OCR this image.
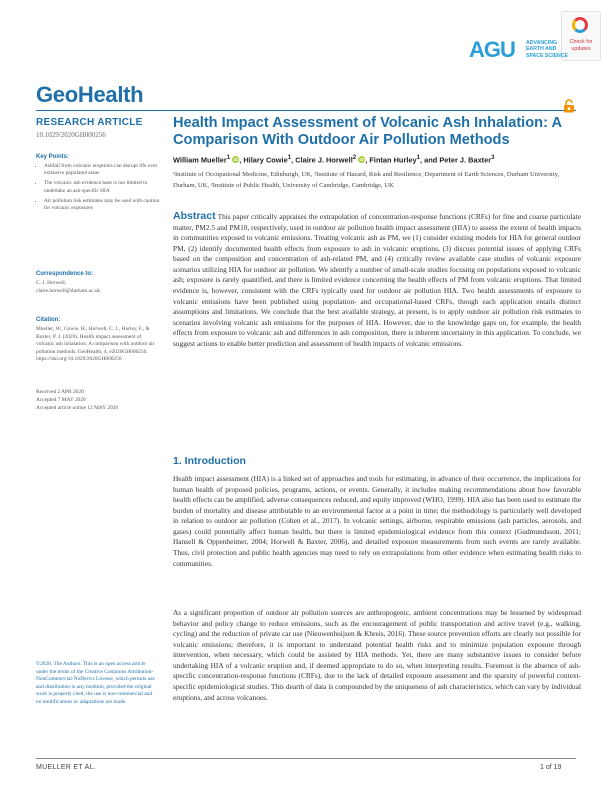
Check for updates
AGU ADVANCING EARTH AND SPACE SCIENCE
GeoHealth
RESEARCH ARTICLE
10.1029/2020GH000256
Key Points:
• Ashfall from volcanic eruptions can disrupt life over extensive populated areas
• The volcanic ash evidence base is too limited to undertake an ash-specific HIA
• Air pollution risk estimates may be used with caution for volcanic exposures
Correspondence to:
C. J. Horwell,
claire.horwell@durham.ac.uk
Citation:
Mueller, W., Cowie, H., Horwell, C. J., Hurley, F., & Baxter, P. J. (2020). Health impact assessment of volcanic ash inhalation: A comparison with outdoor air pollution methods. GeoHealth, 4, e2020GH000256. https://doi.org/10.1029/2020GH000256
Received 2 APR 2020
Accepted 7 MAY 2020
Accepted article online 12 MAY 2020
©2020. The Authors. This is an open access article under the terms of the Creative Commons Attribution-NonCommercial-NoDerivs License, which permits use and distribution in any medium, provided the original work is properly cited, the use is non-commercial and no modifications or adaptations are made.
Health Impact Assessment of Volcanic Ash Inhalation: A Comparison With Outdoor Air Pollution Methods
William Mueller$^1$ iD, Hilary Cowie$^1$, Claire J. Horwell$^2$ iD, Fintan Hurley$^1$, and Peter J. Baxter$^3$
¹Institute of Occupational Medicine, Edinburgh, UK, ²Institute of Hazard, Risk and Resilience, Department of Earth Sciences, Durham University, Durham, UK, ³Institute of Public Health, University of Cambridge, Cambridge, UK
Abstract This paper critically appraises the extrapolation of concentration-response functions (CRFs) for fine and coarse particulate matter, PM2.5 and PM10, respectively, used in outdoor air pollution health impact assessment (HIA) to assess the extent of health impacts in communities exposed to volcanic emissions. Treating volcanic ash as PM, we (1) consider existing models for HIA for general outdoor PM, (2) identify documented health effects from exposure to ash in volcanic eruptions, (3) discuss potential issues of applying CRFs based on the composition and concentration of ash-related PM, and (4) critically review available case studies of volcanic exposure scenarios utilizing HIA for outdoor air pollution. We identify a number of small-scale studies focusing on populations exposed to volcanic ash; exposure is rarely quantified, and there is limited evidence concerning the health effects of PM from volcanic eruptions. That limited evidence is, however, consistent with the CRFs typically used for outdoor air pollution HIA. Two health assessments of exposure to volcanic emissions have been published using population- and occupational-based CRFs, though each application entails distinct assumptions and limitations. We conclude that the best available strategy, at present, is to apply outdoor air pollution risk estimates to scenarios involving volcanic ash emissions for the purposes of HIA. However, due to the knowledge gaps on, for example, the health effects from exposure to volcanic ash and differences in ash composition, there is inherent uncertainty in this application. To conclude, we suggest actions to enable better prediction and assessment of health impacts of volcanic emissions.
1. Introduction
Health impact assessment (HIA) is a linked set of approaches and tools for estimating, in advance of their occurrence, the implications for human health of proposed policies, programs, actions, or events. Generally, it includes making recommendations about how favorable health effects can be amplified, adverse consequences reduced, and equity improved (WHO, 1999). HIA also has been used to estimate the burden of mortality and disease attributable to an environmental factor at a point in time; the methodology is particularly well developed in relation to outdoor air pollution (Cohen et al., 2017). In volcanic settings, airborne, respirable emissions (ash particles, aerosols, and gases) could potentially affect human health, but there is limited epidemiological evidence from this context (Gudmundsson, 2011; Hansell & Oppenheimer, 2004; Horwell & Baxter, 2006), and detailed exposure measurements from such events are rarely available. Thus, civil protection and public health agencies may need to rely on extrapolations from other evidence when estimating health risks to communities.
As a significant proportion of outdoor air pollution sources are anthropogenic, ambient concentrations may be lessened by widespread behavior and policy change to reduce emissions, such as the encouragement of public transportation and active travel (e.g., walking, cycling) and the reduction of private car use (Nieuwenhuijsen & Khreis, 2016). These source prevention efforts are clearly not possible for volcanic emissions; therefore, it is important to understand potential health risks and to minimize population exposure through intervention, when necessary, which could be assisted by HIA methods. Yet, there are many substantive issues to consider before undertaking HIA of a volcanic eruption and, if deemed appropriate to do so, when interpreting results. Foremost is the absence of ash-specific concentration-response functions (CRFs), due to the lack of detailed exposure assessment and the sparsity of powerful context-specific epidemiological studies. This dearth of data is compounded by the uniqueness of ash characteristics, which can vary by individual eruptions, and across volcanoes.
MUELLER ET AL.	1 of 19
